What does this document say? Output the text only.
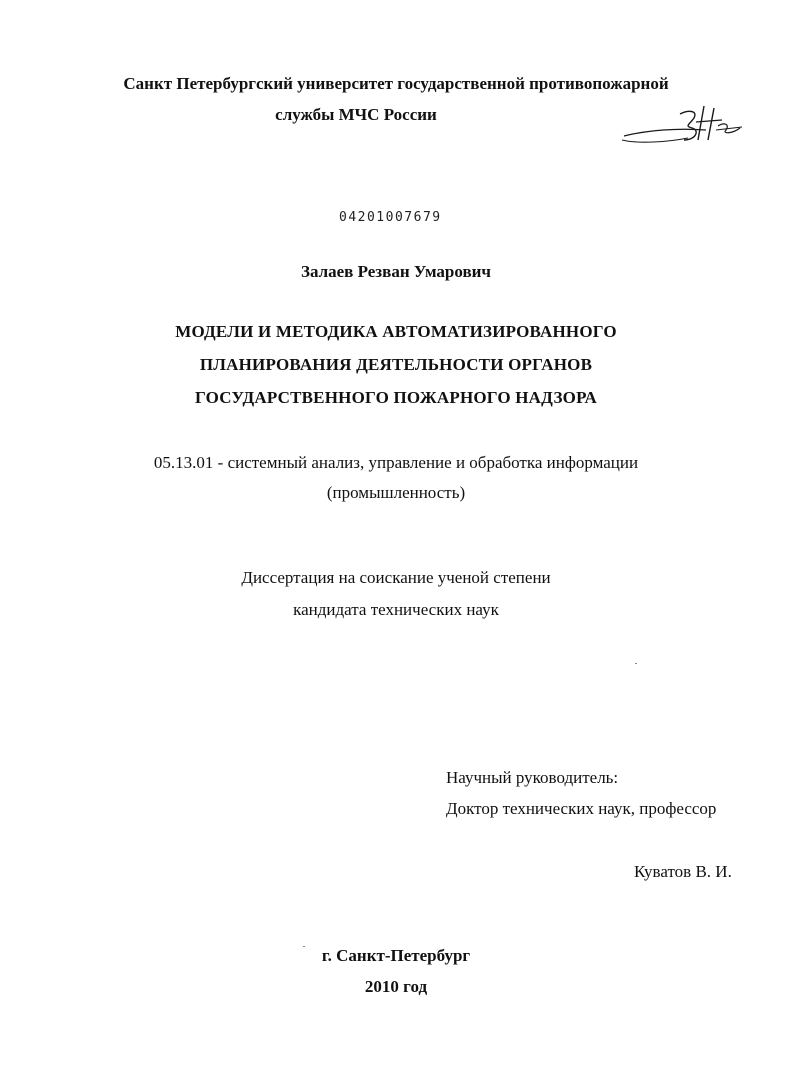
Санкт Петербургский университет государственной противопожарной
службы МЧС России
04201007679
Залаев Резван Умарович
МОДЕЛИ И МЕТОДИКА АВТОМАТИЗИРОВАННОГО
ПЛАНИРОВАНИЯ ДЕЯТЕЛЬНОСТИ ОРГАНОВ
ГОСУДАРСТВЕННОГО ПОЖАРНОГО НАДЗОРА
05.13.01 - системный анализ, управление и обработка информации
(промышленность)
Диссертация на соискание ученой степени
кандидата технических наук
Научный руководитель:
Доктор технических наук, профессор
Куватов В. И.
г. Санкт-Петербург
2010 год
